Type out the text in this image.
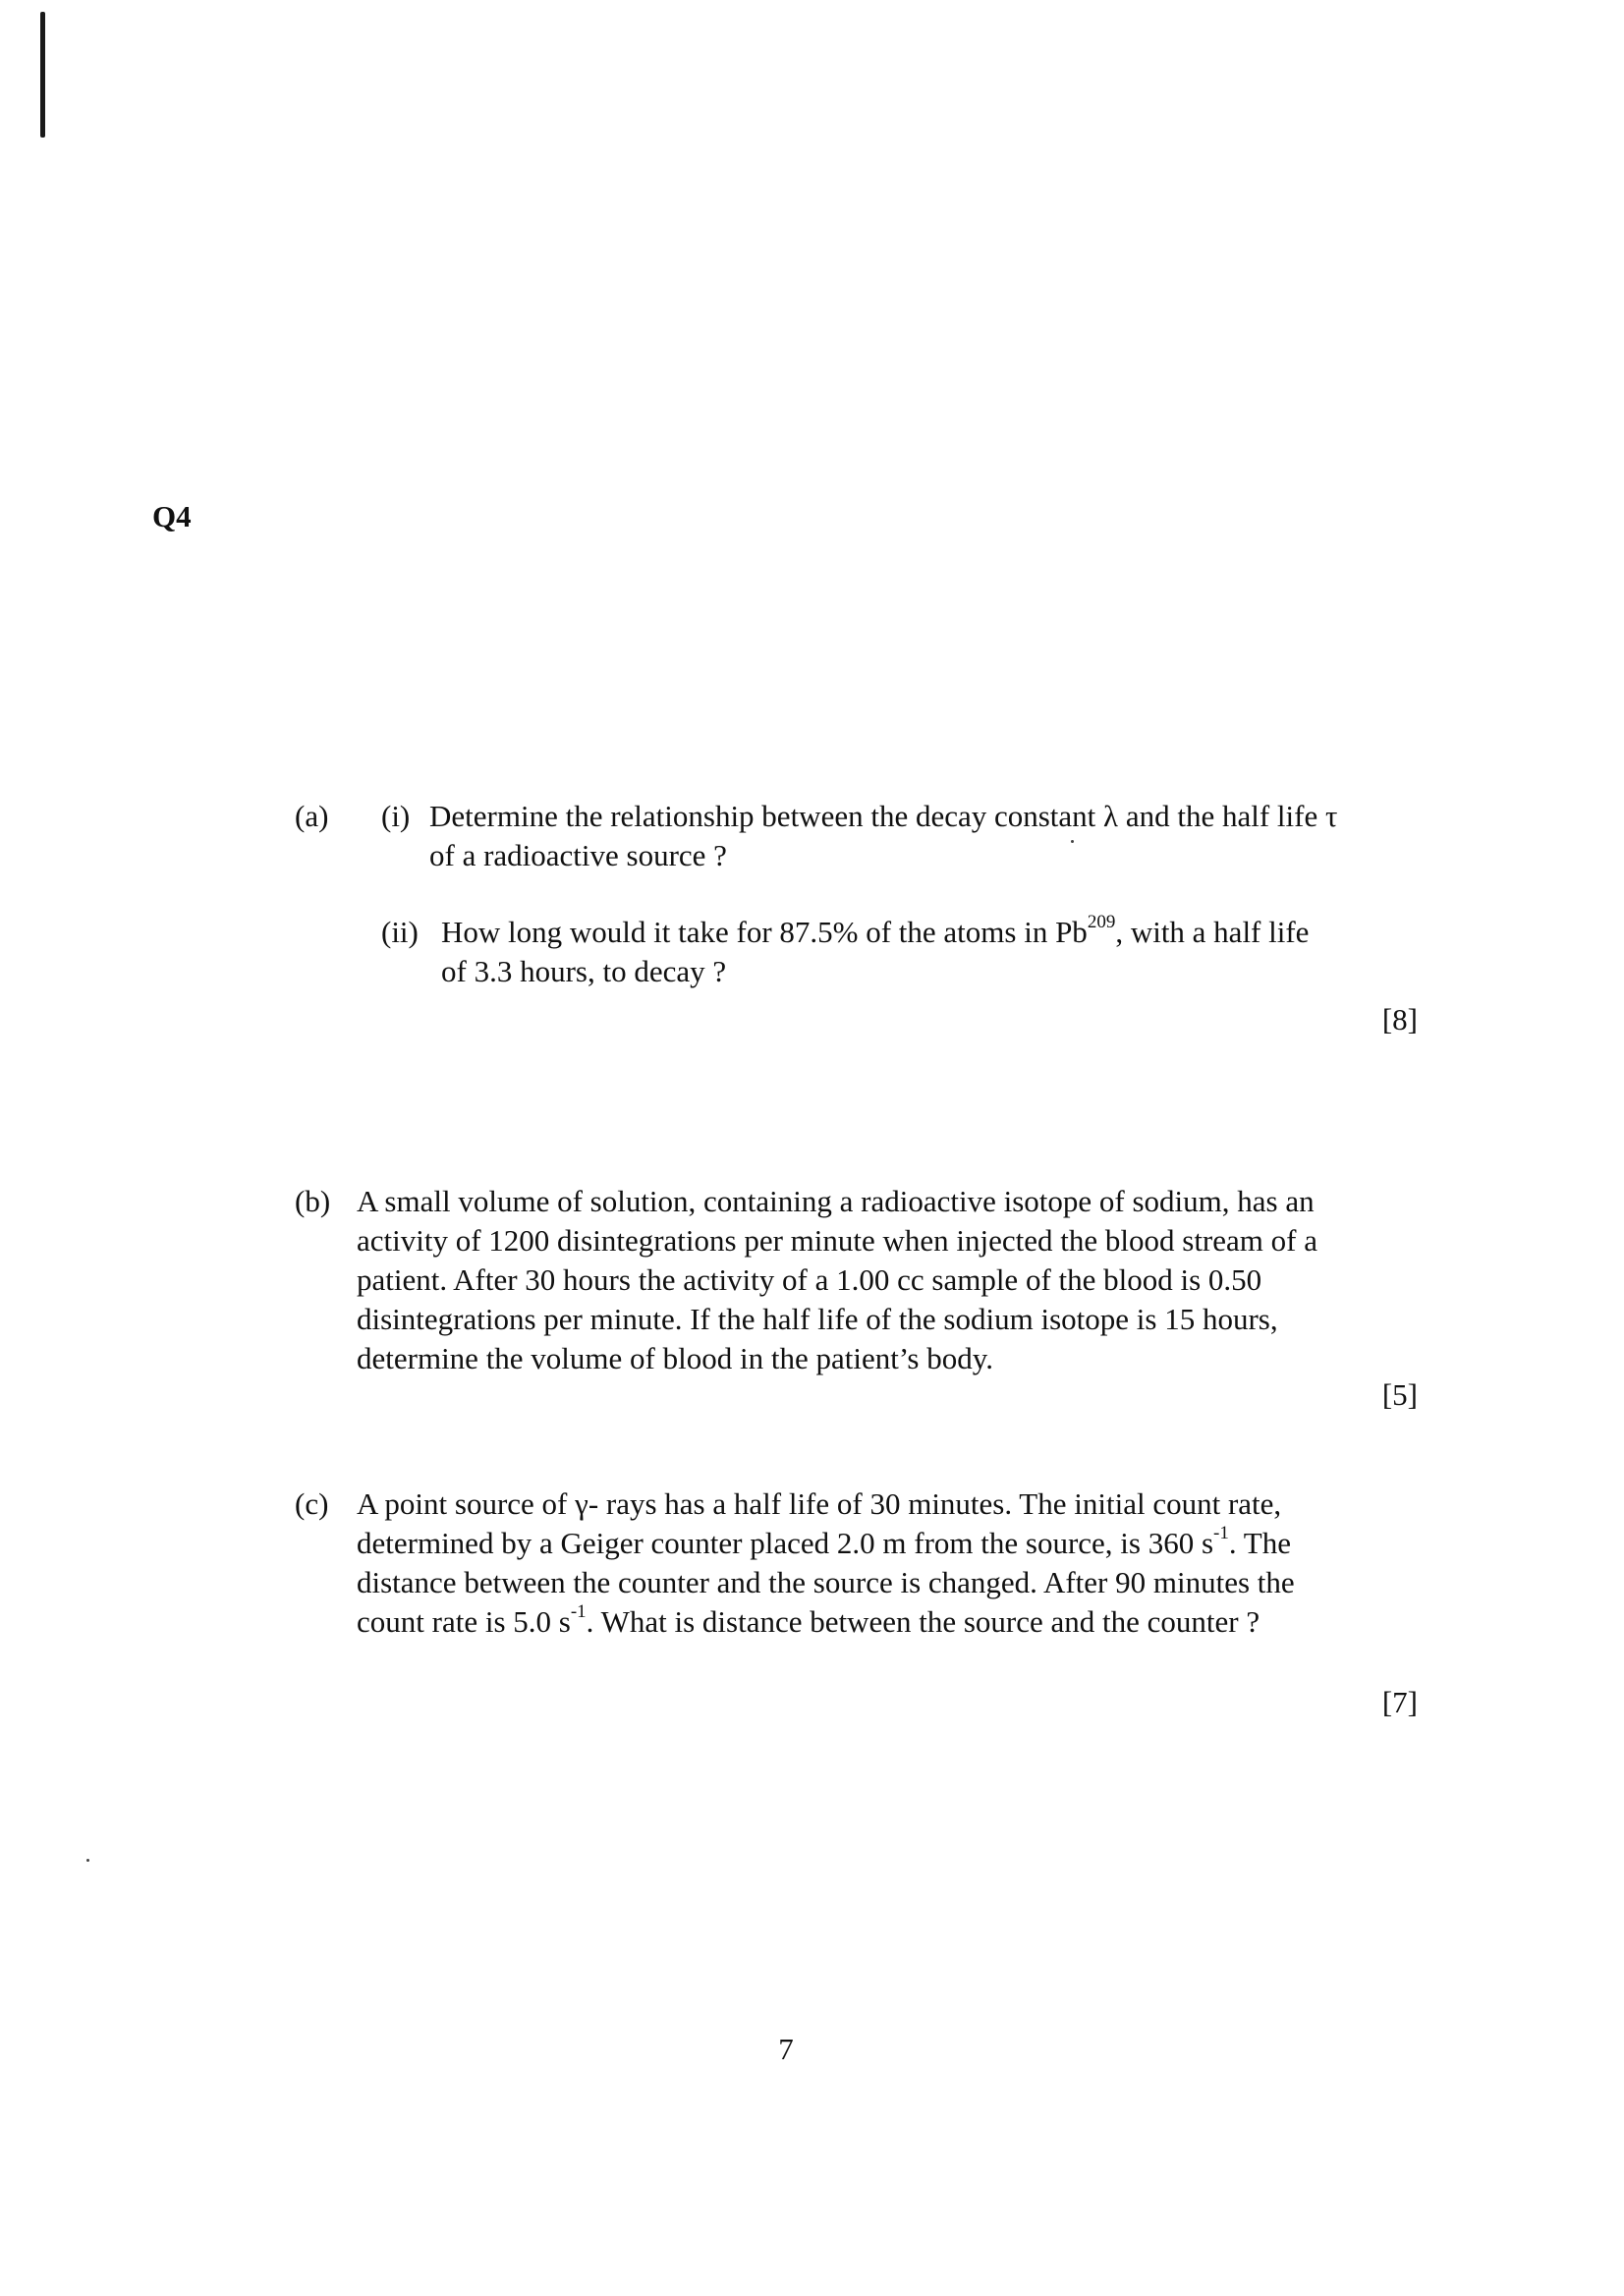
Q4
(a) (i) Determine the relationship between the decay constant λ and the half life τ
of a radioactive source ?
(ii) How long would it take for 87.5% of the atoms in Pb$^{209}$, with a half life
of 3.3 hours, to decay ?
[8]
(b) A small volume of solution, containing a radioactive isotope of sodium, has an
activity of 1200 disintegrations per minute when injected the blood stream of a
patient. After 30 hours the activity of a 1.00 cc sample of the blood is 0.50
disintegrations per minute. If the half life of the sodium isotope is 15 hours,
determine the volume of blood in the patient’s body.
[5]
(c) A point source of γ- rays has a half life of 30 minutes. The initial count rate,
determined by a Geiger counter placed 2.0 m from the source, is 360 $s^{-1}$. The
distance between the counter and the source is changed. After 90 minutes the
count rate is 5.0 $s^{-1}$. What is distance between the source and the counter ?
[7]
7
